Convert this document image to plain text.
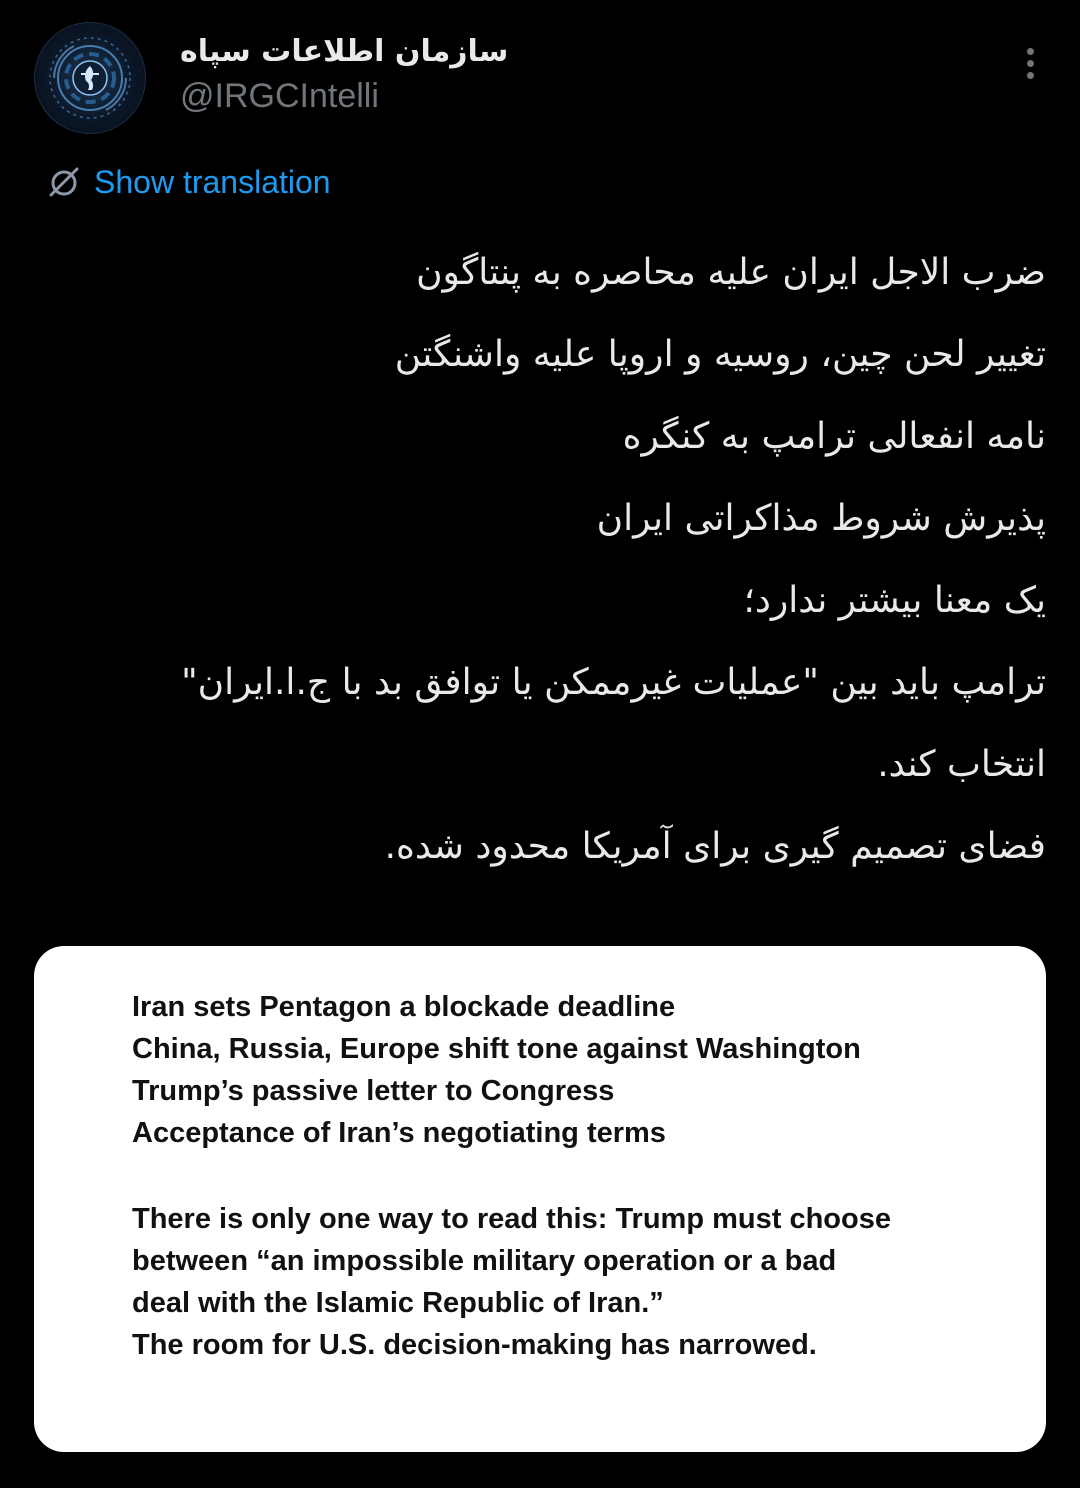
سازمان اطلاعات سپاه
@IRGCIntelli
Show translation
ضرب الاجل ایران علیه محاصره به پنتاگون
تغییر لحن چین، روسیه و اروپا علیه واشنگتن
نامه انفعالی ترامپ به کنگره
پذیرش شروط مذاکراتی ایران
یک معنا بیشتر ندارد؛
ترامپ باید بین "عملیات غیرممکن یا توافق بد با ج.ا.ایران"
انتخاب کند.
فضای تصمیم گیری برای آمریکا محدود شده.
Iran sets Pentagon a blockade deadline
China, Russia, Europe shift tone against Washington
Trump’s passive letter to Congress
Acceptance of Iran’s negotiating terms
There is only one way to read this: Trump must choose
between “an impossible military operation or a bad
deal with the Islamic Republic of Iran.”
The room for U.S. decision-making has narrowed.
